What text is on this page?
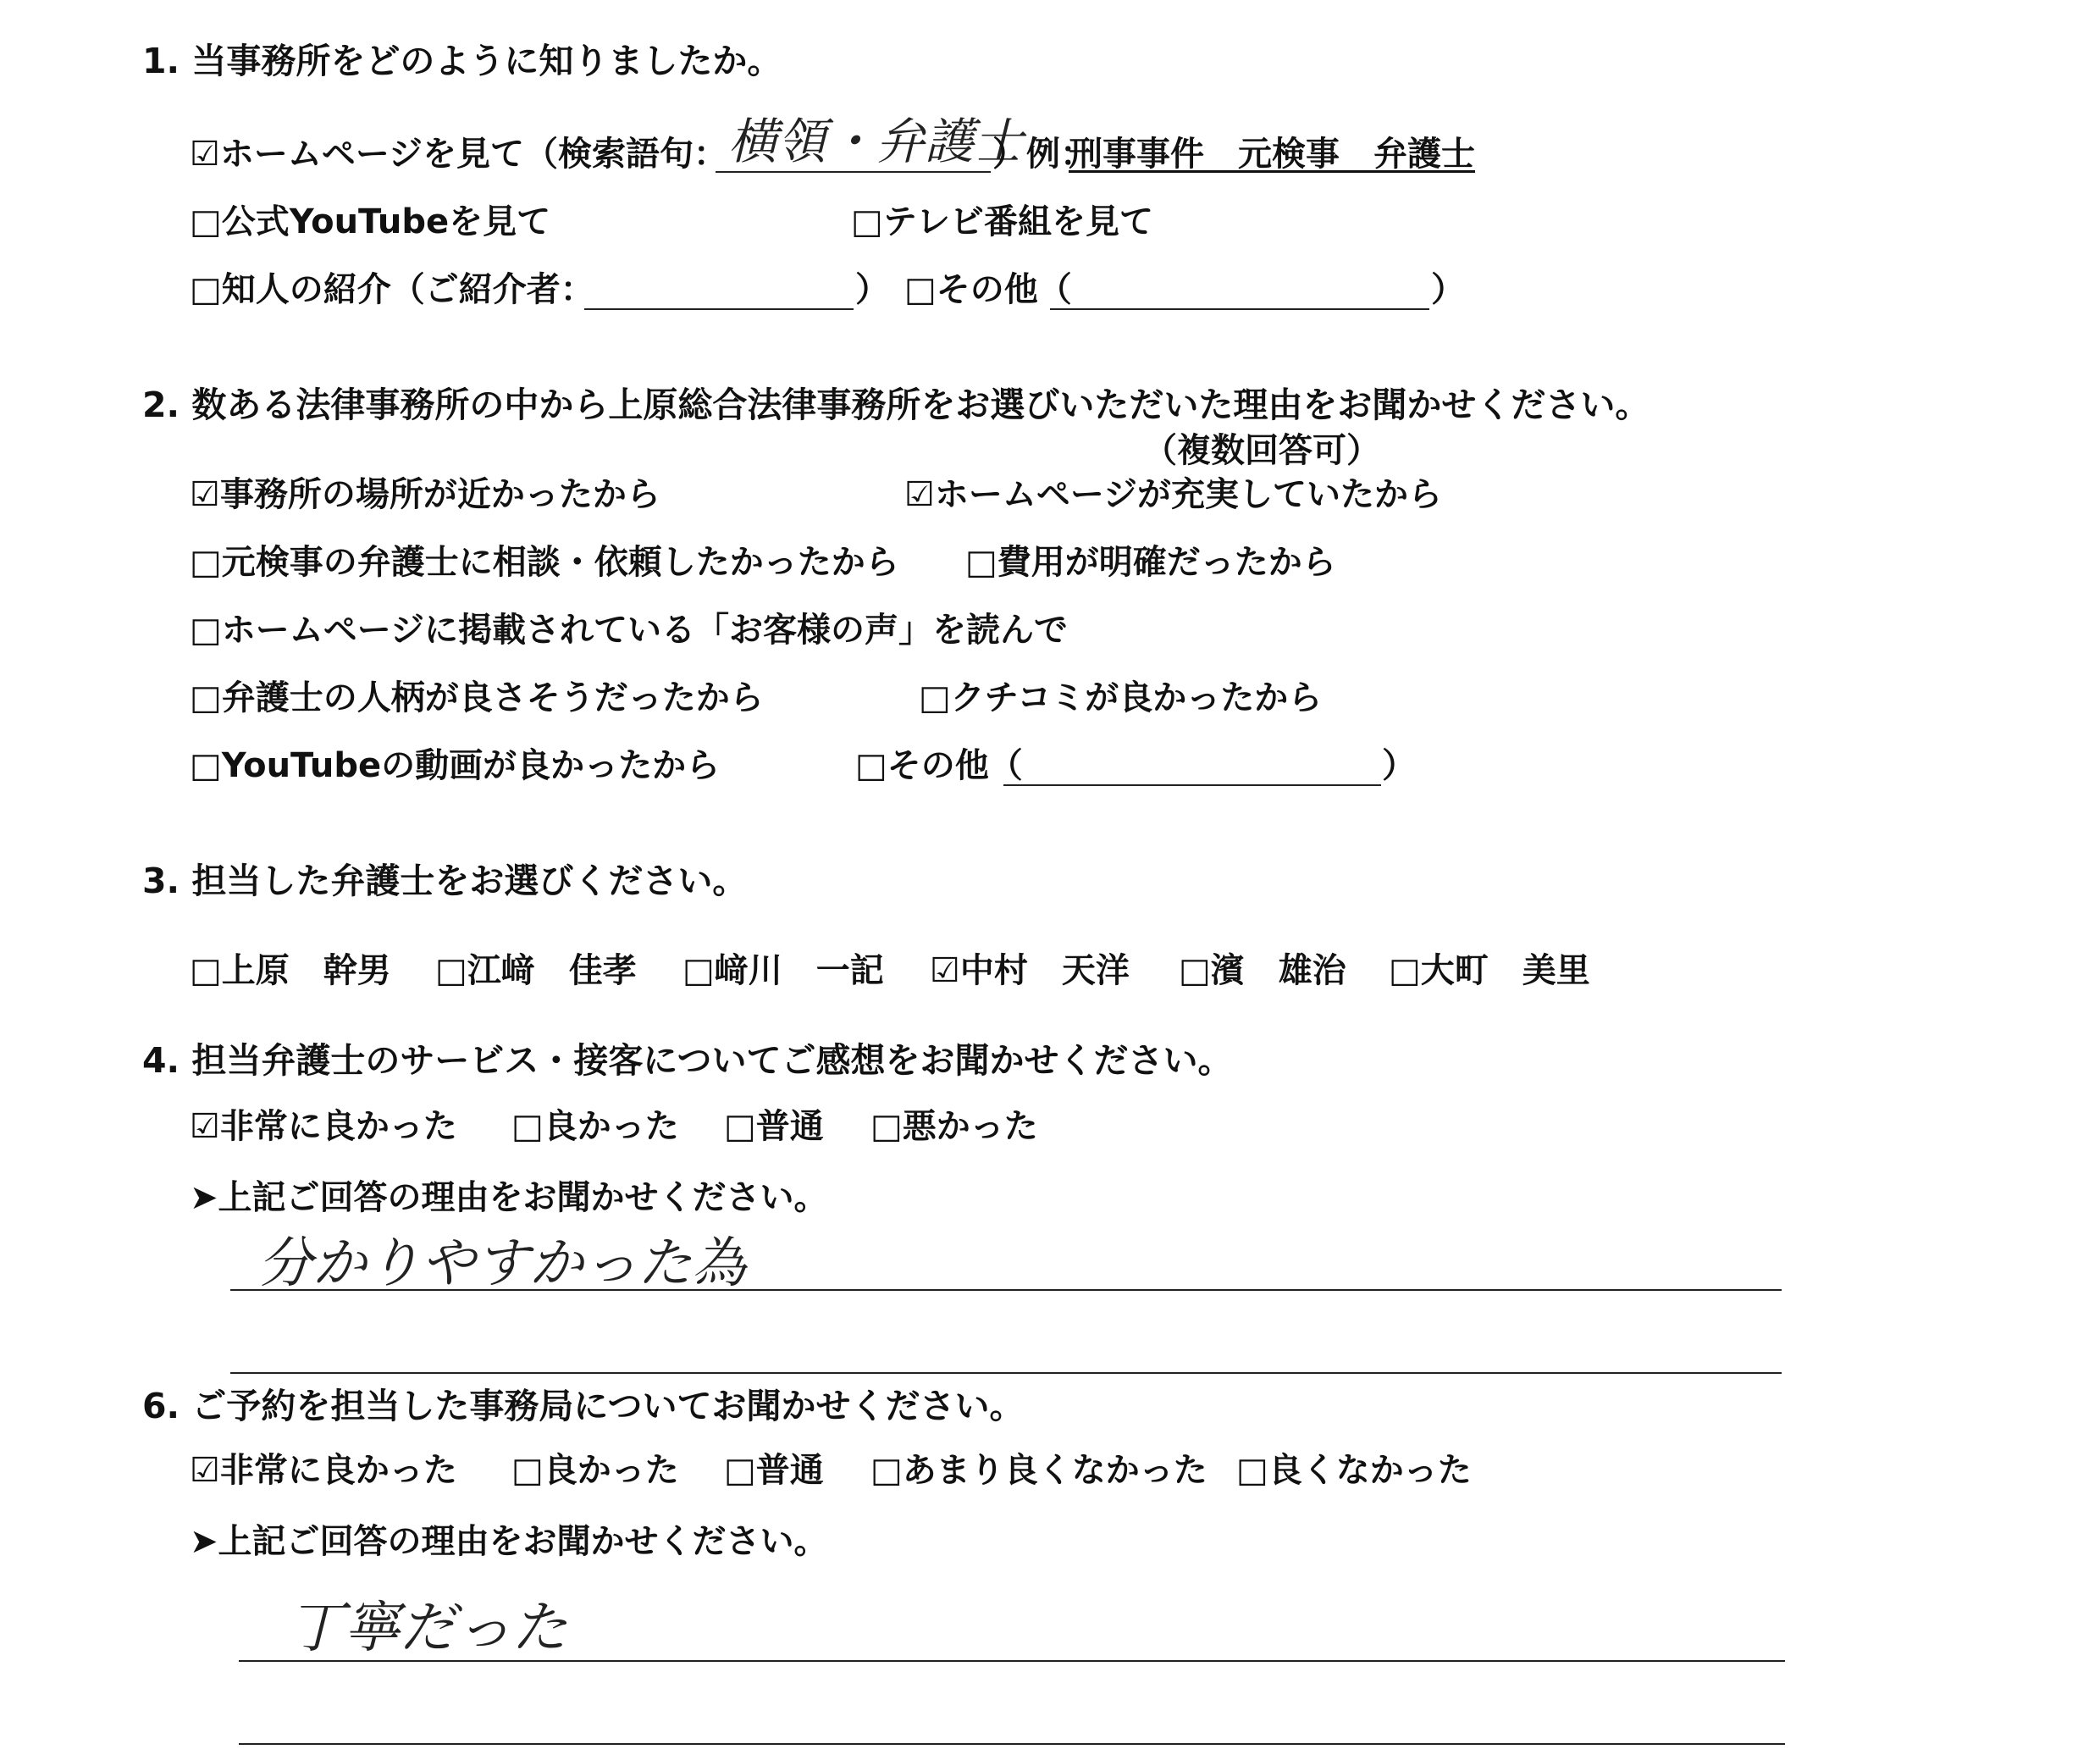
1. 当事務所をどのように知りましたか。
☑ホームページを見て（検索語句： 横領・弁護士
）例：
刑事事件　元検事　弁護士
□公式YouTubeを見て	□テレビ番組を見て
□知人の紹介（ご紹介者：	） □その他（	）
2. 数ある法律事務所の中から上原総合法律事務所をお選びいただいた理由をお聞かせください。
（複数回答可）
☑事務所の場所が近かったから	☑ホームページが充実していたから
□元検事の弁護士に相談・依頼したかったから □費用が明確だったから
□ホームページに掲載されている「お客様の声」を読んで
□弁護士の人柄が良さそうだったから	□クチコミが良かったから
□YouTubeの動画が良かったから	□その他（	）
3. 担当した弁護士をお選びください。
□上原　幹男 □江﨑　佳孝 □﨑川　一記 ☑中村　天洋 □濱　雄治 □大町　美里
4. 担当弁護士のサービス・接客についてご感想をお聞かせください。
☑非常に良かった □良かった □普通 □悪かった
➤上記ご回答の理由をお聞かせください。
分かりやすかった為
6. ご予約を担当した事務局についてお聞かせください。
☑非常に良かった □良かった □普通 □あまり良くなかった □良くなかった
➤上記ご回答の理由をお聞かせください。
丁寧だった
